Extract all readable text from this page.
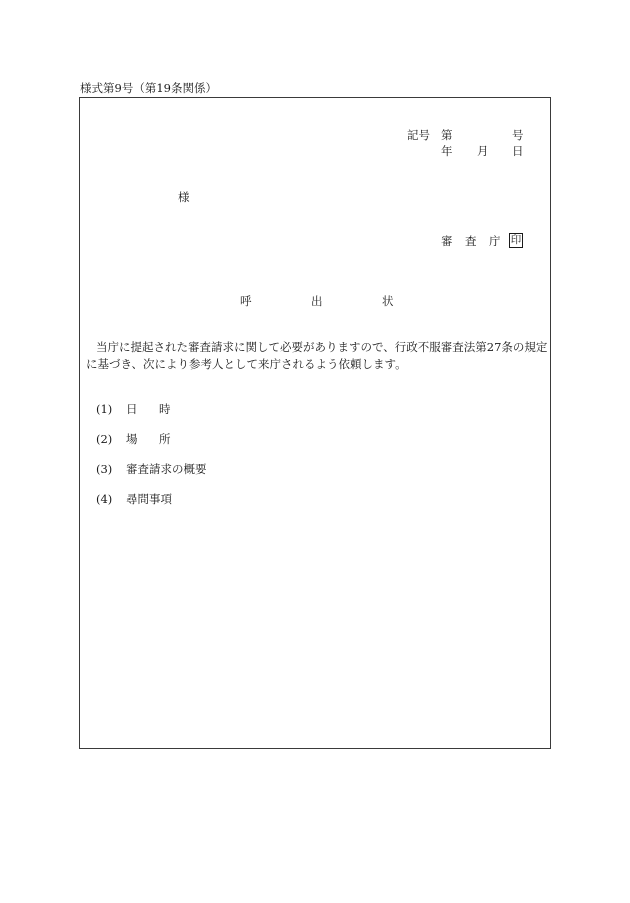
様式第9号（第19条関係）
記号 第	号
年 月 日
様
審査庁
印
呼出状
当庁に提起された審査請求に関して必要がありますので、行政不服審査法第27条の規定
に基づき、次により参考人として来庁されるよう依頼します。
(1) 日時
(2) 場所
(3) 審査請求の概要
(4) 尋問事項
